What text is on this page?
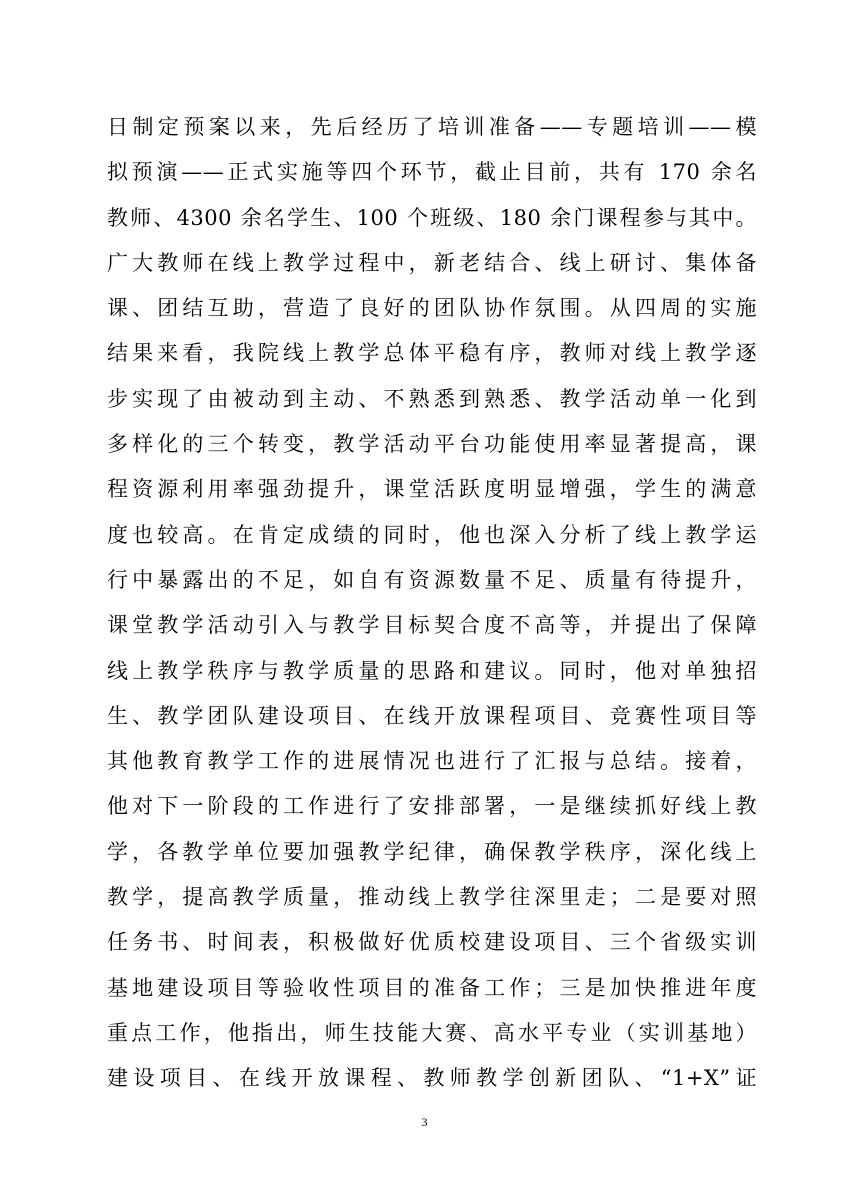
日制定预案以来，先后经历了培训准备——专题培训——模
拟预演——正式实施等四个环节，截止目前，共有 170 余名
教师、4300 余名学生、100 个班级、180 余门课程参与其中。
广大教师在线上教学过程中，新老结合、线上研讨、集体备
课、团结互助，营造了良好的团队协作氛围。从四周的实施
结果来看，我院线上教学总体平稳有序，教师对线上教学逐
步实现了由被动到主动、不熟悉到熟悉、教学活动单一化到
多样化的三个转变，教学活动平台功能使用率显著提高，课
程资源利用率强劲提升，课堂活跃度明显增强，学生的满意
度也较高。在肯定成绩的同时，他也深入分析了线上教学运
行中暴露出的不足，如自有资源数量不足、质量有待提升，
课堂教学活动引入与教学目标契合度不高等，并提出了保障
线上教学秩序与教学质量的思路和建议。同时，他对单独招
生、教学团队建设项目、在线开放课程项目、竞赛性项目等
其他教育教学工作的进展情况也进行了汇报与总结。接着，
他对下一阶段的工作进行了安排部署，一是继续抓好线上教
学，各教学单位要加强教学纪律，确保教学秩序，深化线上
教学，提高教学质量，推动线上教学往深里走；二是要对照
任务书、时间表，积极做好优质校建设项目、三个省级实训
基地建设项目等验收性项目的准备工作；三是加快推进年度
重点工作，他指出，师生技能大赛、高水平专业（实训基地）
建设项目、在线开放课程、教师教学创新团队、“1+X”证
3
